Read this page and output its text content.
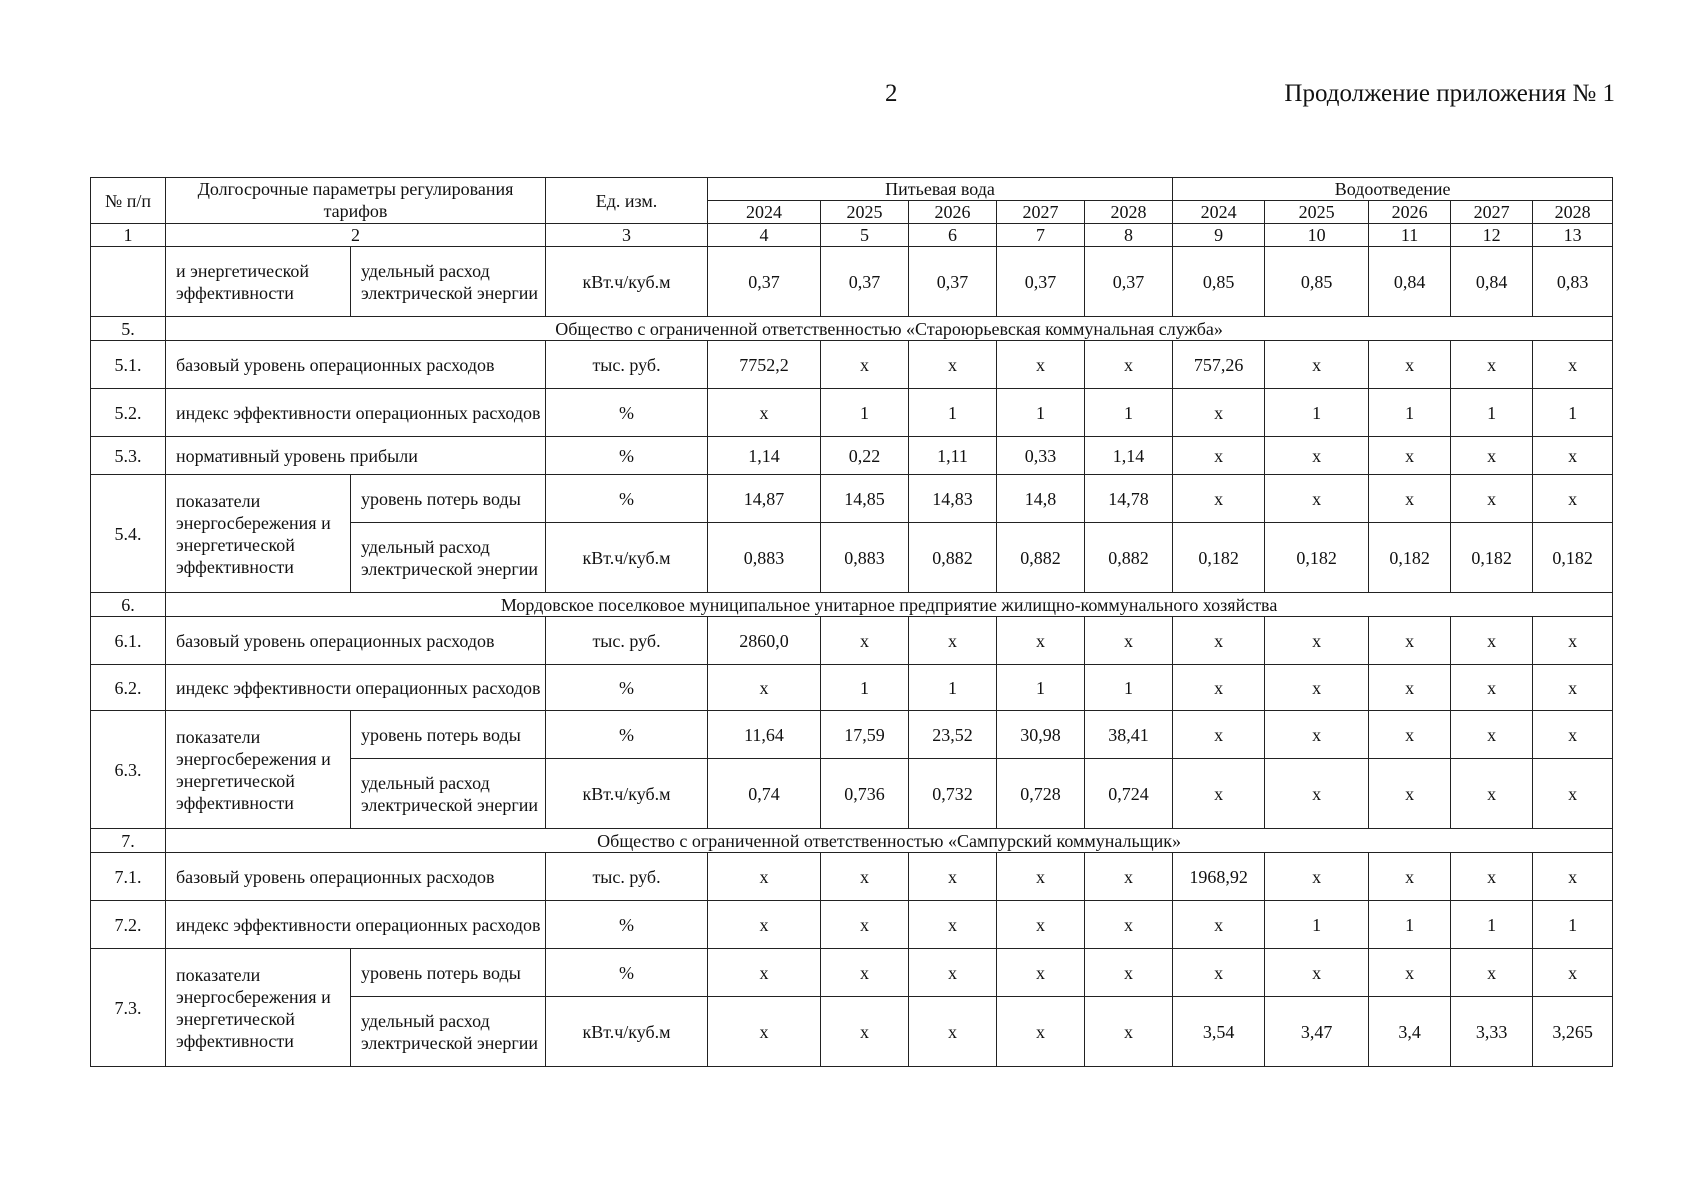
2	Продолжение приложения № 1
№ п/п	Долгосрочные параметры регулирования тарифов		Ед. изм.	Питьевая вода					Водоотведение				
				2024	2025	2026	2027	2028	2024	2025	2026	2027	2028
1	2		3	4	5	6	7	8	9	10	11	12	13
	и энергетической эффективности	удельный расход электрической энергии	кВт.ч/куб.м	0,37	0,37	0,37	0,37	0,37	0,85	0,85	0,84	0,84	0,83
5.	Общество с ограниченной ответственностью «Староюрьевская коммунальная служба»												
5.1.	базовый уровень операционных расходов		тыс. руб.	7752,2	x	x	x	x	757,26	x	x	x	x
5.2.	индекс эффективности операционных расходов		%	x	1	1	1	1	x	1	1	1	1
5.3.	нормативный уровень прибыли		%	1,14	0,22	1,11	0,33	1,14	x	x	x	x	x
5.4.	показатели энергосбережения и энергетической эффективности	уровень потерь воды	%	14,87	14,85	14,83	14,8	14,78	x	x	x	x	x
		удельный расход электрической энергии	кВт.ч/куб.м	0,883	0,883	0,882	0,882	0,882	0,182	0,182	0,182	0,182	0,182
6.	Мордовское поселковое муниципальное унитарное предприятие жилищно-коммунального хозяйства												
6.1.	базовый уровень операционных расходов		тыс. руб.	2860,0	x	x	x	x	x	x	x	x	x
6.2.	индекс эффективности операционных расходов		%	x	1	1	1	1	x	x	x	x	x
6.3.	показатели энергосбережения и энергетической эффективности	уровень потерь воды	%	11,64	17,59	23,52	30,98	38,41	x	x	x	x	x
		удельный расход электрической энергии	кВт.ч/куб.м	0,74	0,736	0,732	0,728	0,724	x	x	x	x	x
7.	Общество с ограниченной ответственностью «Сампурский коммунальщик»												
7.1.	базовый уровень операционных расходов		тыс. руб.	x	x	x	x	x	1968,92	x	x	x	x
7.2.	индекс эффективности операционных расходов		%	x	x	x	x	x	x	1	1	1	1
7.3.	показатели энергосбережения и энергетической эффективности	уровень потерь воды	%	x	x	x	x	x	x	x	x	x	x
		удельный расход электрической энергии	кВт.ч/куб.м	x	x	x	x	x	3,54	3,47	3,4	3,33	3,265
